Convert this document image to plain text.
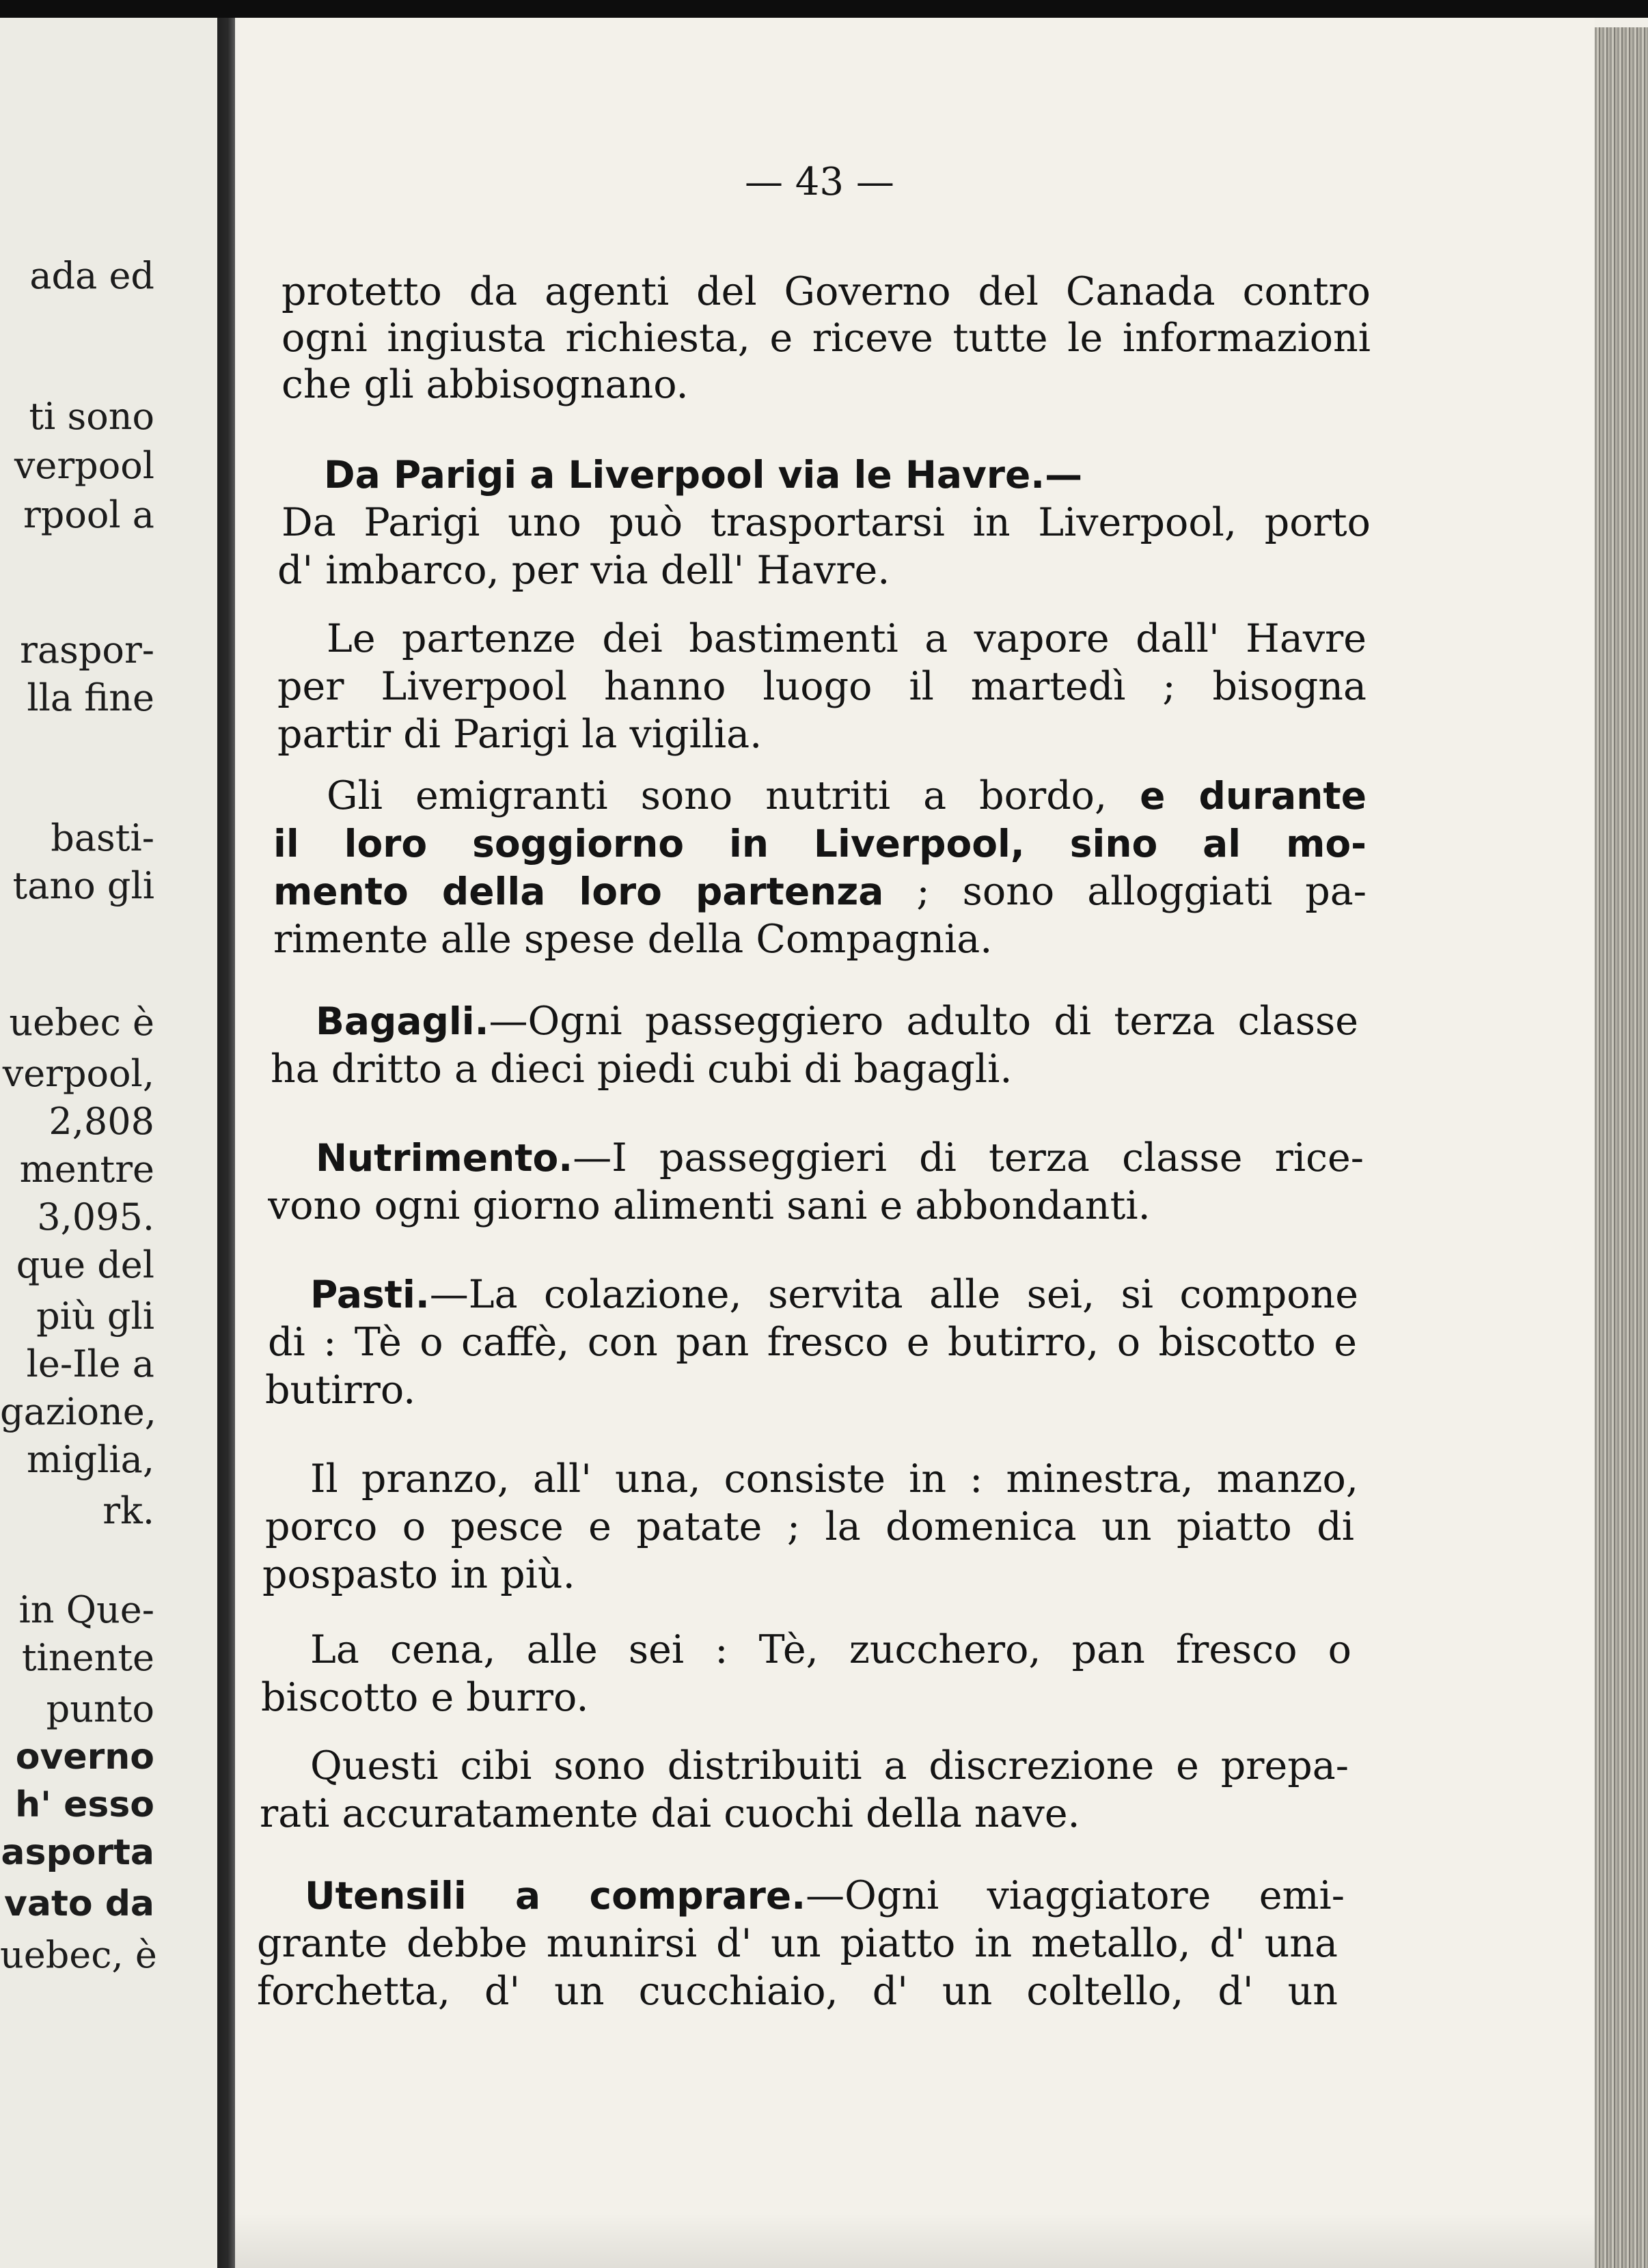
— 43 —
protetto da agenti del Governo del Canada contro
ogni ingiusta richiesta, e riceve tutte le informazioni
che gli abbisognano.
Da Parigi a Liverpool via le Havre.—
Da Parigi uno può trasportarsi in Liverpool, porto
d' imbarco, per via dell' Havre.
Le partenze dei bastimenti a vapore dall' Havre
per Liverpool hanno luogo il martedì ; bisogna
partir di Parigi la vigilia.
Gli emigranti sono nutriti a bordo, e durante
il loro soggiorno in Liverpool, sino al mo-
mento della loro partenza ; sono alloggiati pa-
rimente alle spese della Compagnia.
Bagagli.—Ogni passeggiero adulto di terza classe
ha dritto a dieci piedi cubi di bagagli.
Nutrimento.—I passeggieri di terza classe rice-
vono ogni giorno alimenti sani e abbondanti.
Pasti.—La colazione, servita alle sei, si compone
di : Tè o caffè, con pan fresco e butirro, o biscotto e
butirro.
Il pranzo, all' una, consiste in : minestra, manzo,
porco o pesce e patate ; la domenica un piatto di
pospasto in più.
La cena, alle sei : Tè, zucchero, pan fresco o
biscotto e burro.
Questi cibi sono distribuiti a discrezione e prepa-
rati accuratamente dai cuochi della nave.
Utensili a comprare.—Ogni viaggiatore emi-
grante debbe munirsi d' un piatto in metallo, d' una
forchetta, d' un cucchiaio, d' un coltello, d' un
ada ed
ti sono
verpool
rpool a
raspor-
lla fine
basti-
tano gli
uebec è
verpool,
2,808
mentre
3,095.
que del
più gli
le-Ile a
gazione,
miglia,
rk.
in Que-
tinente
punto
overno
h' esso
asporta
vato da
uebec, è
